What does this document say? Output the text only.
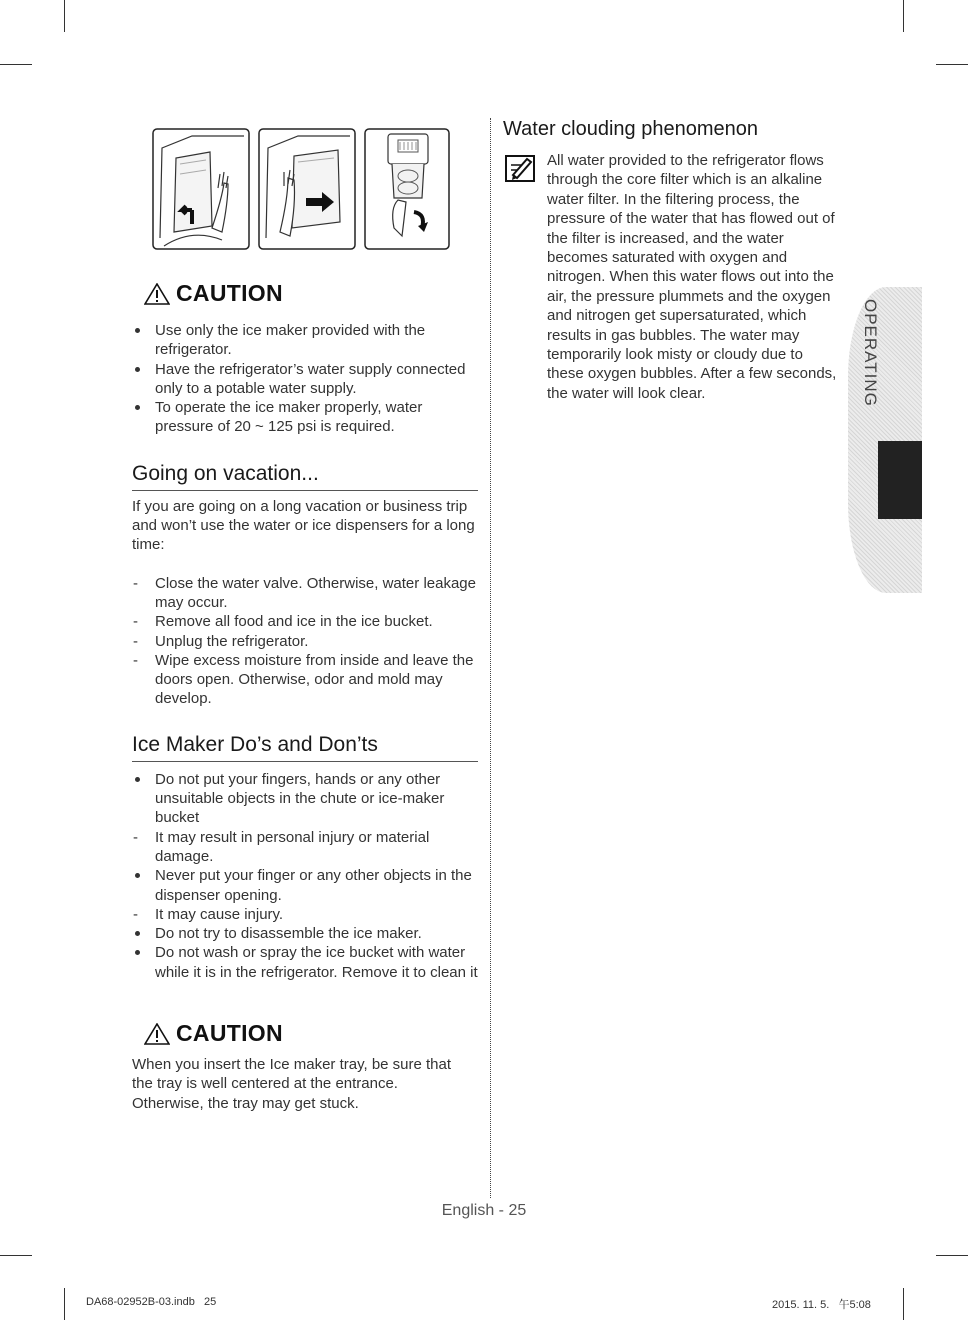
CAUTION
Use only the ice maker provided with the refrigerator.
Have the refrigerator’s water supply connected only to a potable water supply.
To operate the ice maker properly, water pressure of 20 ~ 125 psi is required.
Going on vacation...

If you are going on a long vacation or business trip and won’t use the water or ice dispensers for a long time:

- Close the water valve. Otherwise, water leakage may occur.
- Remove all food and ice in the ice bucket.
- Unplug the refrigerator.
- Wipe excess moisture from inside and leave the doors open. Otherwise, odor and mold may develop.
Ice Maker Do’s and Don’ts
Do not put your fingers, hands or any other unsuitable objects in the chute or ice-maker bucket
- It may result in personal injury or material damage.
Never put your finger or any other objects in the dispenser opening.
- It may cause injury.
Do not try to disassemble the ice maker.
Do not wash or spray the ice bucket with water while it is in the refrigerator. Remove it to clean it
CAUTION

When you insert the Ice maker tray, be sure that the tray is well centered at the entrance. Otherwise, the tray may get stuck.

Water clouding phenomenon

All water provided to the refrigerator flows through the core filter which is an alkaline water filter. In the filtering process, the pressure of the water that has flowed out of the filter is increased, and the water becomes saturated with oxygen and nitrogen. When this water flows out into the air, the pressure plummets and the oxygen and nitrogen get supersaturated, which results in gas bubbles. The water may temporarily look misty or cloudy due to these oxygen bubbles. After a few seconds, the water will look clear.	OPERATING
English - 25
DA68-02952B-03.indb   25	2015. 11. 5.   午5:08
